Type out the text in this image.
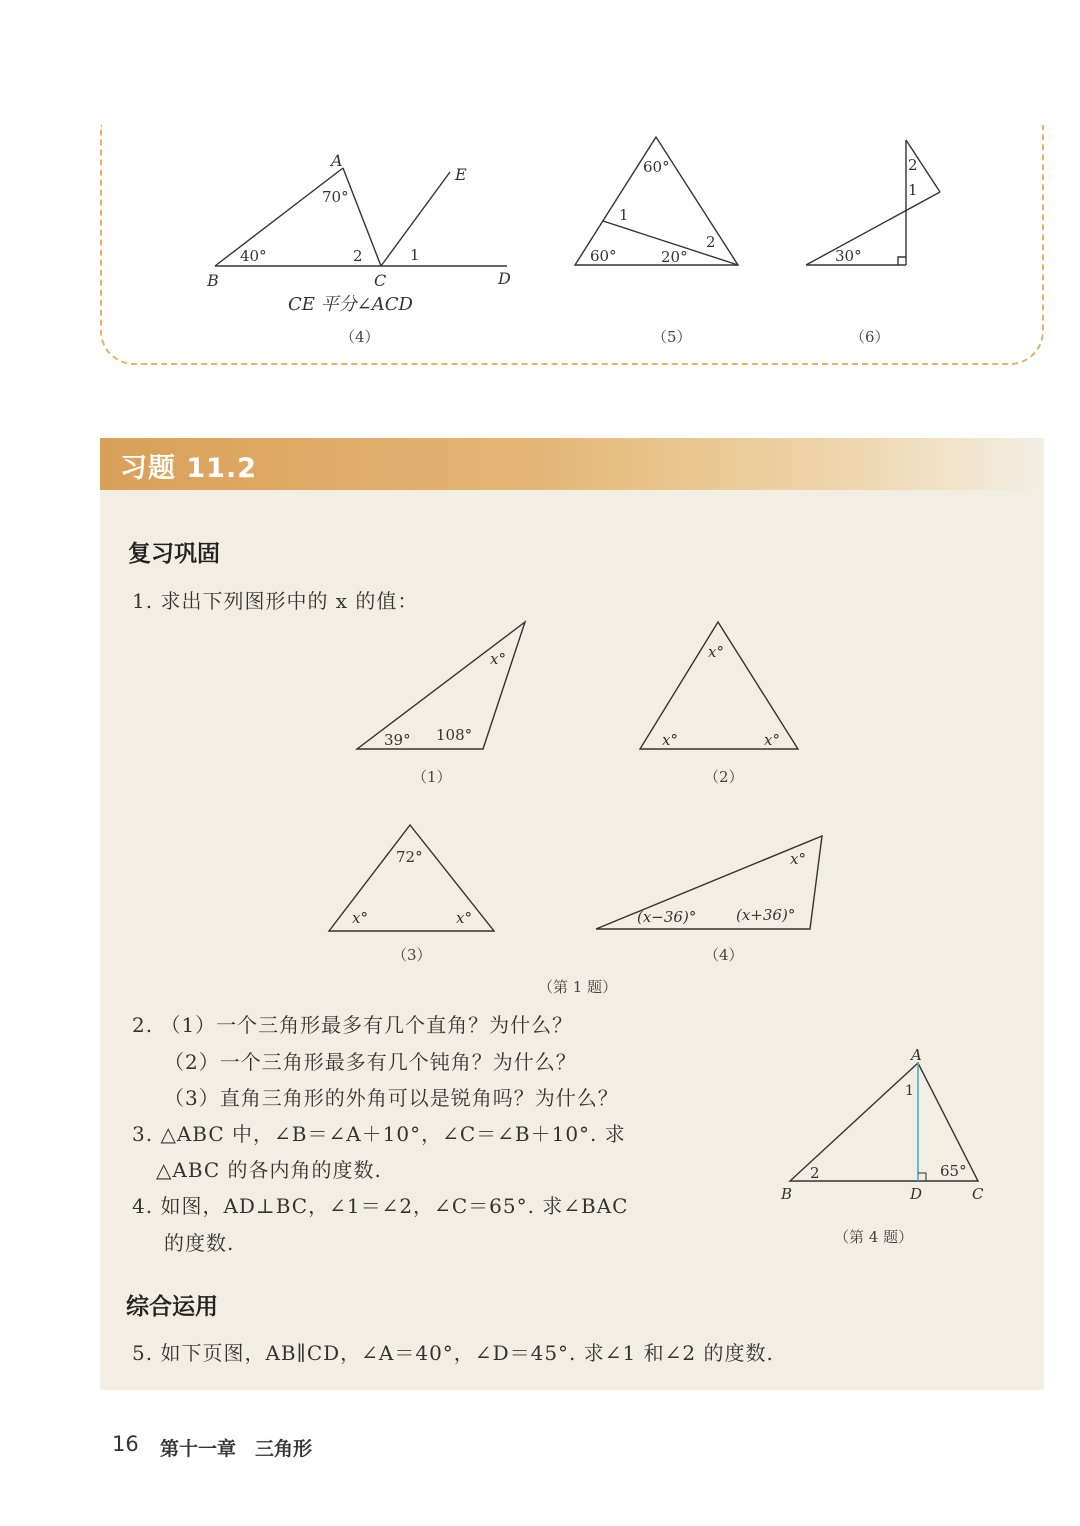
A
E
B	C	D
70°
40°	2	1
CE 平分∠ACD
（4）
60°
60°	20°
1
2
（5）
2
1
30°
（6）
习题 11.2
复习巩固
1. 求出下列图形中的 x 的值：
x°
39° 108°
（1）
x°
x°	x°
（2）
72°
x°	x°
（3）
x°
(x−36)°	(x+36)°
（4）
（第 1 题）
2. （1）一个三角形最多有几个直角？为什么？
（2）一个三角形最多有几个钝角？为什么？
（3）直角三角形的外角可以是锐角吗？为什么？
3. △ABC 中，∠B＝∠A＋10°，∠C＝∠B＋10°. 求
△ABC 的各内角的度数.
4. 如图，AD⊥BC，∠1＝∠2，∠C＝65°. 求∠BAC
的度数.
A
B	D	C
1
2	65°
（第 4 题）
综合运用
5. 如下页图，AB∥CD，∠A＝40°，∠D＝45°. 求∠1 和∠2 的度数.
16 第十一章　三角形
